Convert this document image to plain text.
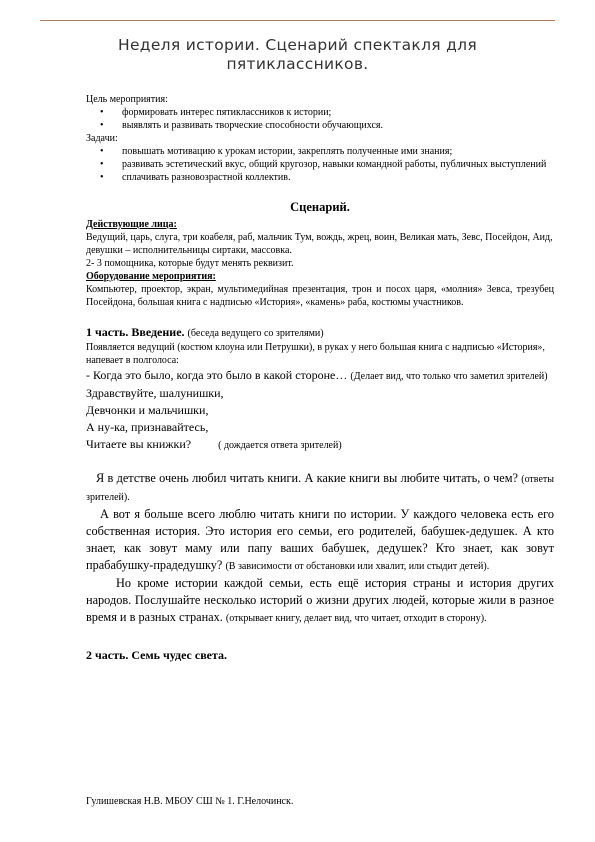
Неделя истории. Сценарий спектакля для пятиклассников.

Цель мероприятия:

• формировать интерес пятиклассников к истории;
• выявлять и развивать творческие способности обучающихся.

Задачи:

• повышать мотивацию к урокам истории, закреплять полученные ими знания;
• развивать эстетический вкус, общий кругозор, навыки командной работы, публичных выступлений
• сплачивать разновозрастной коллектив.
Сценарий.

Действующие лица:

Ведущий, царь, слуга, три коабеля, раб, мальчик Тум, вождь, жрец, воин, Великая мать, Зевс, Посейдон, Аид, девушки – исполнительницы сиртаки, массовка.

2- 3 помощника, которые будут менять реквизит.

Оборудование мероприятия:

Компьютер, проектор, экран, мультимедийная презентация, трон и посох царя, «молния» Зевса, трезубец Посейдона, большая книга с надписью «История», «камень» раба, костюмы участников.

1 часть. Введение. (беседа ведущего со зрителями)

Появляется ведущий (костюм клоуна или Петрушки), в руках у него большая книга с надписью «История», напевает в полголоса:

- Когда это было, когда это было в какой стороне… (Делает вид, что только что заметил зрителей)

Здравствуйте, шалунишки,

Девчонки и мальчишки,

А ну-ка, признавайтесь,

Читаете вы книжки?	( дождается ответа зрителей)

Я в детстве очень любил читать книги. А какие книги вы любите читать, о чем? (ответы зрителей).

А вот я больше всего люблю читать книги по истории. У каждого человека есть его собственная история. Это история его семьи, его родителей, бабушек-дедушек. А кто знает, как зовут маму или папу ваших бабушек, дедушек? Кто знает, как зовут прабабушку-прадедушку? (В зависимости от обстановки или хвалит, или стыдит детей).

Но кроме истории каждой семьи, есть ещё история страны и история других народов. Послушайте несколько историй о жизни других людей, которые жили в разное время и в разных странах. (открывает книгу, делает вид, что читает, отходит в сторону).

2 часть. Семь чудес света.

Гулишевская Н.В. МБОУ СШ № 1. Г.Нелочинск.
